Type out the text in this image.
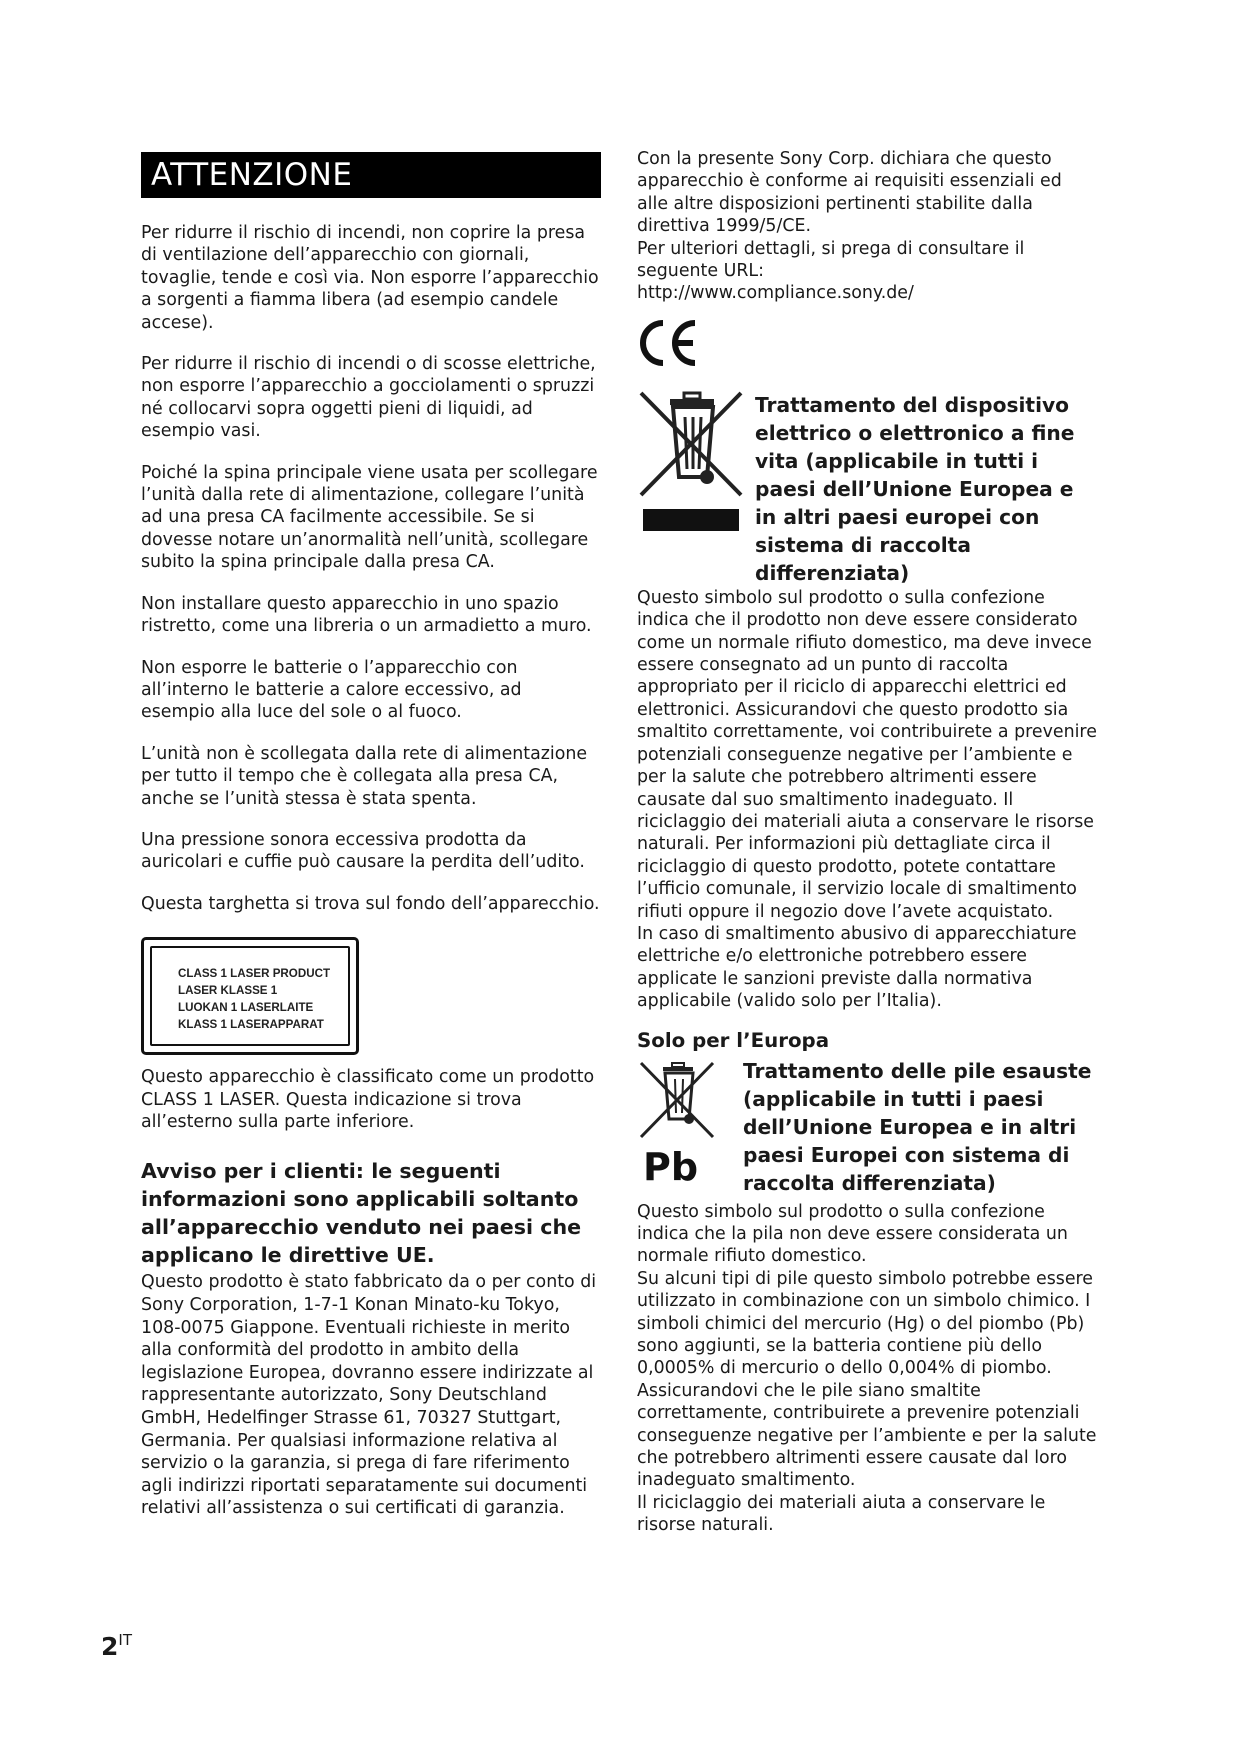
ATTENZIONE

Per ridurre il rischio di incendi, non coprire la presa di ventilazione dell’apparecchio con giornali, tovaglie, tende e così via. Non esporre l’apparecchio a sorgenti a fiamma libera (ad esempio candele accese).

Per ridurre il rischio di incendi o di scosse elettriche, non esporre l’apparecchio a gocciolamenti o spruzzi né collocarvi sopra oggetti pieni di liquidi, ad esempio vasi.

Poiché la spina principale viene usata per scollegare l’unità dalla rete di alimentazione, collegare l’unità ad una presa CA facilmente accessibile. Se si dovesse notare un’anormalità nell’unità, scollegare subito la spina principale dalla presa CA.

Non installare questo apparecchio in uno spazio ristretto, come una libreria o un armadietto a muro.

Non esporre le batterie o l’apparecchio con all’interno le batterie a calore eccessivo, ad esempio alla luce del sole o al fuoco.

L’unità non è scollegata dalla rete di alimentazione per tutto il tempo che è collegata alla presa CA, anche se l’unità stessa è stata spenta.

Una pressione sonora eccessiva prodotta da auricolari e cuffie può causare la perdita dell’udito.

Questa targhetta si trova sul fondo dell’apparecchio.

CLASS 1 LASER PRODUCT
LASER KLASSE 1
LUOKAN 1 LASERLAITE
KLASS 1 LASERAPPARAT

Questo apparecchio è classificato come un prodotto CLASS 1 LASER. Questa indicazione si trova all’esterno sulla parte inferiore.

Avviso per i clienti: le seguenti informazioni sono applicabili soltanto all’apparecchio venduto nei paesi che applicano le direttive UE.

Questo prodotto è stato fabbricato da o per conto di Sony Corporation, 1-7-1 Konan Minato-ku Tokyo, 108-0075 Giappone. Eventuali richieste in merito alla conformità del prodotto in ambito della legislazione Europea, dovranno essere indirizzate al rappresentante autorizzato, Sony Deutschland GmbH, Hedelfinger Strasse 61, 70327 Stuttgart, Germania. Per qualsiasi informazione relativa al servizio o la garanzia, si prega di fare riferimento agli indirizzi riportati separatamente sui documenti relativi all’assistenza o sui certificati di garanzia.

Con la presente Sony Corp. dichiara che questo apparecchio è conforme ai requisiti essenziali ed alle altre disposizioni pertinenti stabilite dalla direttiva 1999/5/CE.

Per ulteriori dettagli, si prega di consultare il seguente URL:

http://www.compliance.sony.de/

Trattamento del dispositivo elettrico o elettronico a fine vita (applicabile in tutti i paesi dell’Unione Europea e in altri paesi europei con sistema di raccolta differenziata)

Questo simbolo sul prodotto o sulla confezione indica che il prodotto non deve essere considerato come un normale rifiuto domestico, ma deve invece essere consegnato ad un punto di raccolta appropriato per il riciclo di apparecchi elettrici ed elettronici. Assicurandovi che questo prodotto sia smaltito correttamente, voi contribuirete a prevenire potenziali conseguenze negative per l’ambiente e per la salute che potrebbero altrimenti essere causate dal suo smaltimento inadeguato. Il riciclaggio dei materiali aiuta a conservare le risorse naturali. Per informazioni più dettagliate circa il riciclaggio di questo prodotto, potete contattare l’ufficio comunale, il servizio locale di smaltimento rifiuti oppure il negozio dove l’avete acquistato.

In caso di smaltimento abusivo di apparecchiature elettriche e/o elettroniche potrebbero essere applicate le sanzioni previste dalla normativa applicabile (valido solo per l’Italia).

Solo per l’Europa
Pb
Trattamento delle pile esauste (applicabile in tutti i paesi dell’Unione Europea e in altri paesi Europei con sistema di raccolta differenziata)

Questo simbolo sul prodotto o sulla confezione indica che la pila non deve essere considerata un normale rifiuto domestico.

Su alcuni tipi di pile questo simbolo potrebbe essere utilizzato in combinazione con un simbolo chimico. I simboli chimici del mercurio (Hg) o del piombo (Pb) sono aggiunti, se la batteria contiene più dello 0,0005% di mercurio o dello 0,004% di piombo.

Assicurandovi che le pile siano smaltite correttamente, contribuirete a prevenire potenziali conseguenze negative per l’ambiente e per la salute che potrebbero altrimenti essere causate dal loro inadeguato smaltimento.

Il riciclaggio dei materiali aiuta a conservare le risorse naturali.

$2^{IT}$
